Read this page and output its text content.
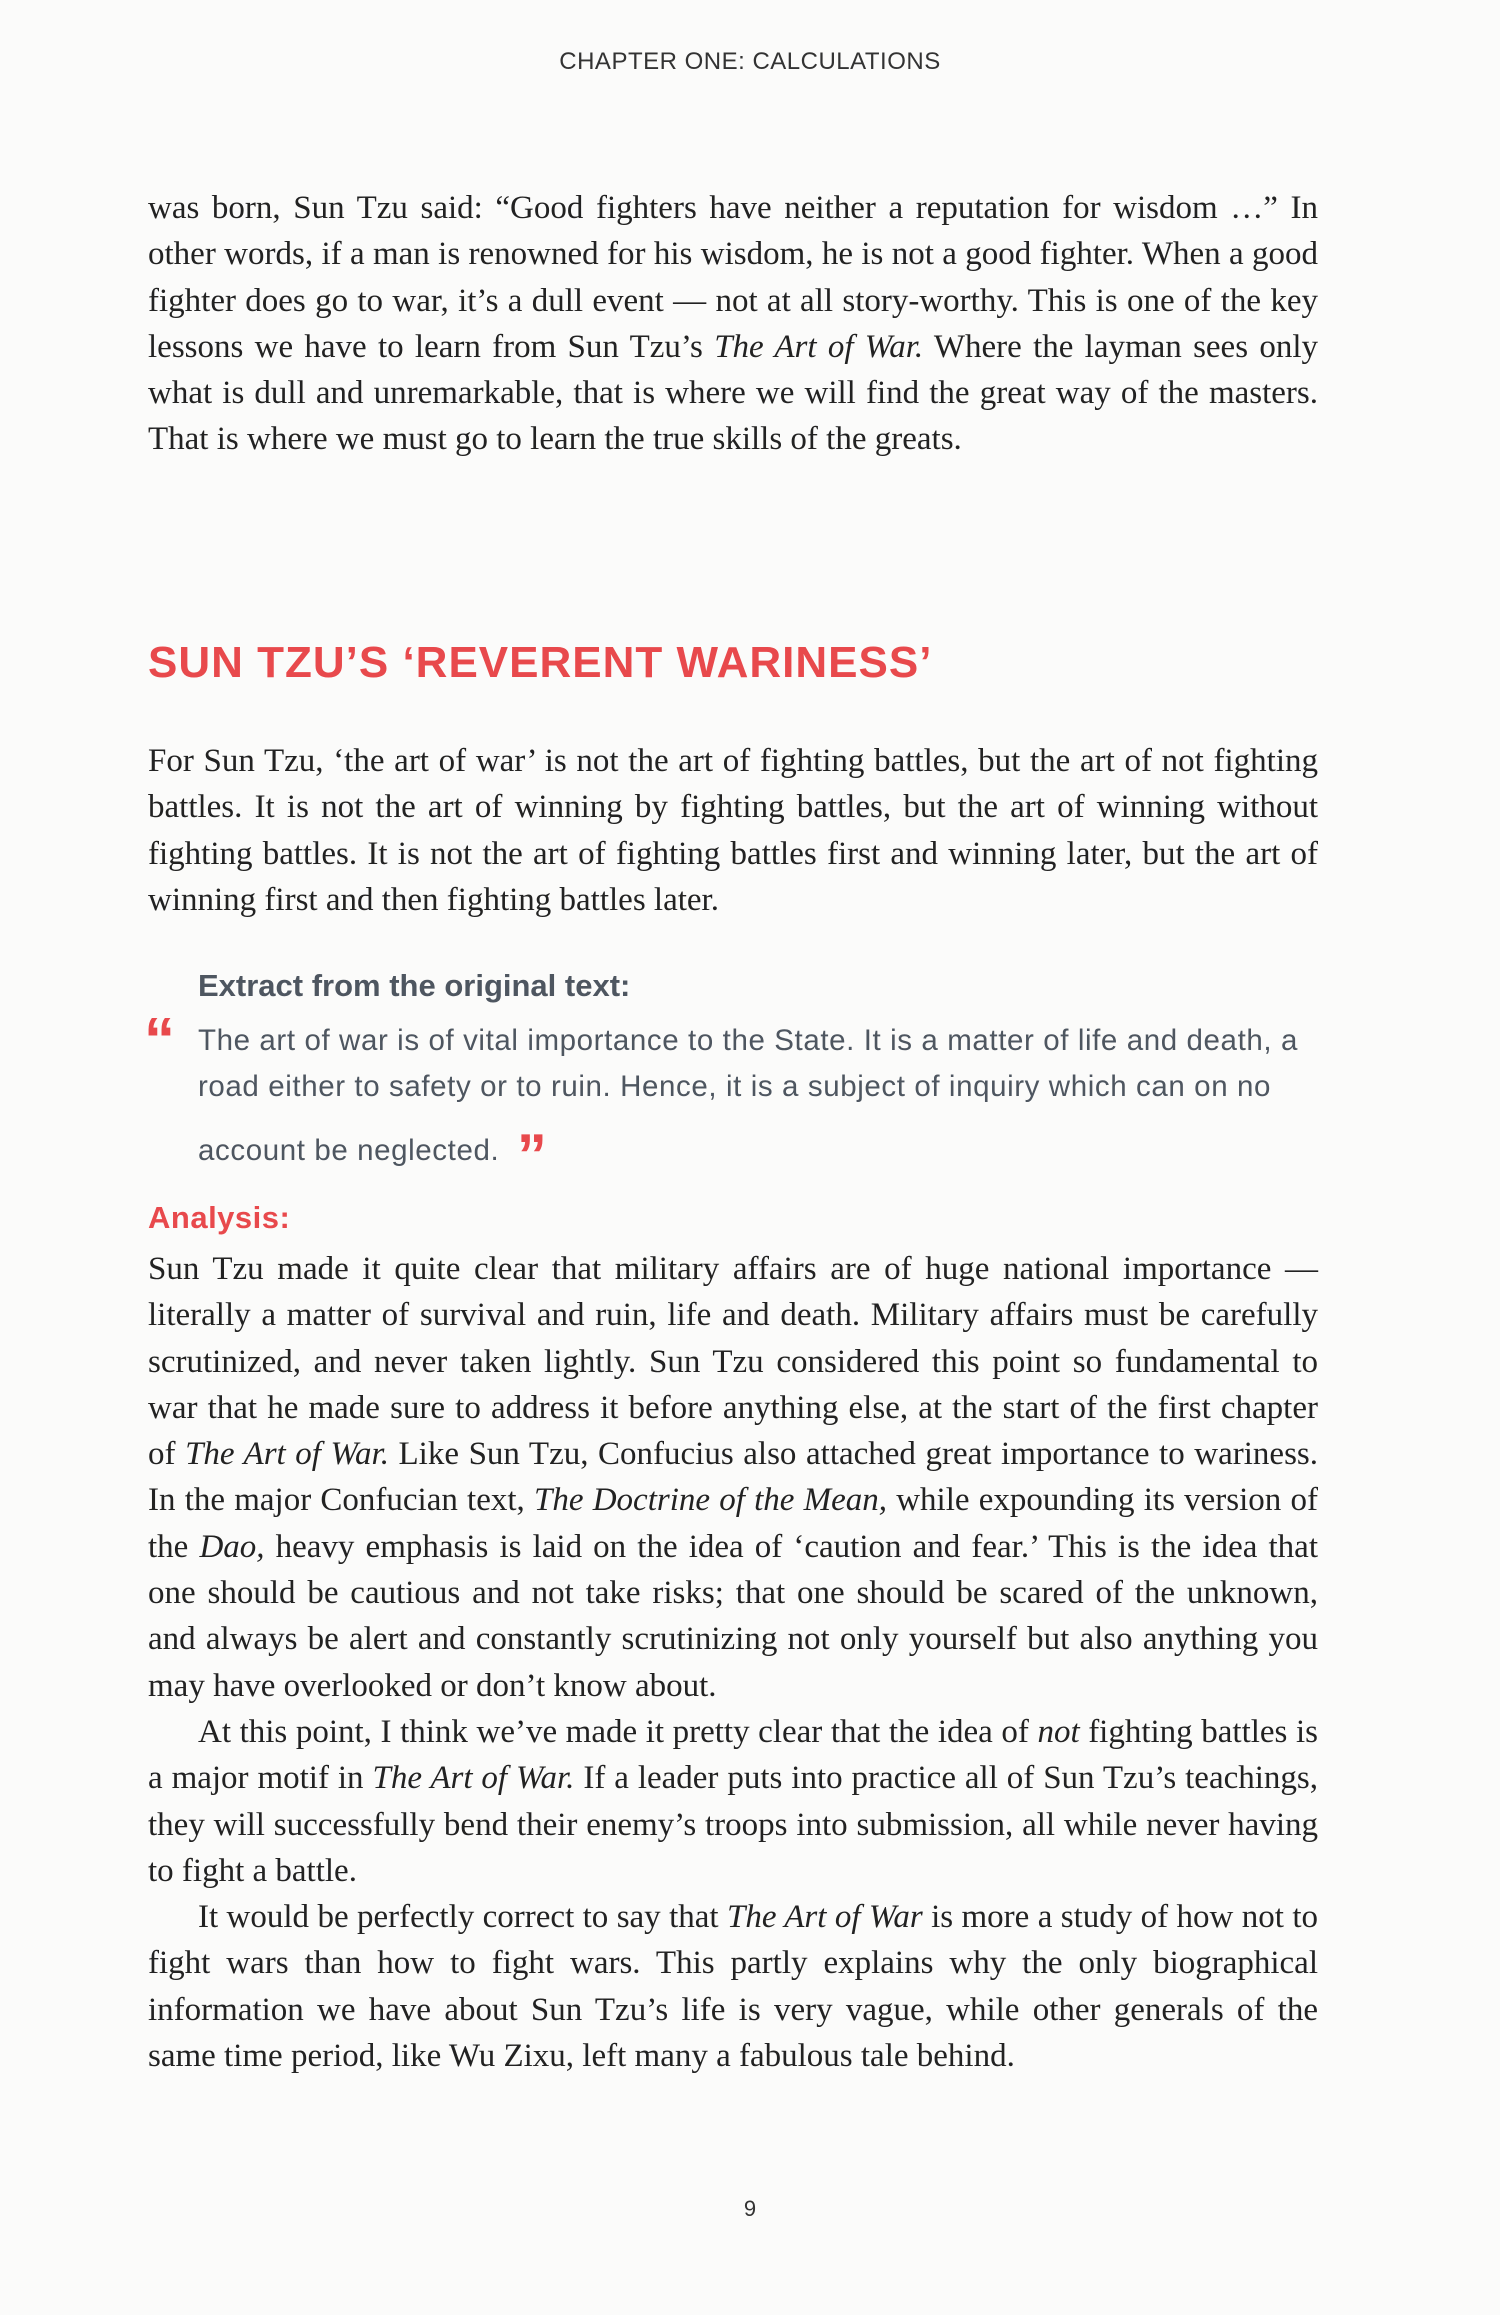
CHAPTER ONE: CALCULATIONS

was born, Sun Tzu said: “Good fighters have neither a reputation for wisdom …” In other words, if a man is renowned for his wisdom, he is not a good fighter. When a good fighter does go to war, it’s a dull event — not at all story-worthy. This is one of the key lessons we have to learn from Sun Tzu’s The Art of War. Where the layman sees only what is dull and unremarkable, that is where we will find the great way of the masters. That is where we must go to learn the true skills of the greats.

SUN TZU’S ‘REVERENT WARINESS’

For Sun Tzu, ‘the art of war’ is not the art of fighting battles, but the art of not fighting battles. It is not the art of winning by fighting battles, but the art of winning without fighting battles. It is not the art of fighting battles first and winning later, but the art of winning first and then fighting battles later.

Extract from the original text:
“ The art of war is of vital importance to the State. It is a matter of life and death, a road either to safety or to ruin. Hence, it is a subject of inquiry which can on no account be neglected. ”

Analysis:

Sun Tzu made it quite clear that military affairs are of huge national importance — literally a matter of survival and ruin, life and death. Military affairs must be carefully scrutinized, and never taken lightly. Sun Tzu considered this point so fundamental to war that he made sure to address it before anything else, at the start of the first chapter of The Art of War. Like Sun Tzu, Confucius also attached great importance to wariness. In the major Confucian text, The Doctrine of the Mean, while expounding its version of the Dao, heavy emphasis is laid on the idea of ‘caution and fear.’ This is the idea that one should be cautious and not take risks; that one should be scared of the unknown, and always be alert and constantly scrutinizing not only yourself but also anything you may have overlooked or don’t know about.

At this point, I think we’ve made it pretty clear that the idea of not fighting battles is a major motif in The Art of War. If a leader puts into practice all of Sun Tzu’s teachings, they will successfully bend their enemy’s troops into submission, all while never having to fight a battle.

It would be perfectly correct to say that The Art of War is more a study of how not to fight wars than how to fight wars. This partly explains why the only biographical information we have about Sun Tzu’s life is very vague, while other generals of the same time period, like Wu Zixu, left many a fabulous tale behind.

9
